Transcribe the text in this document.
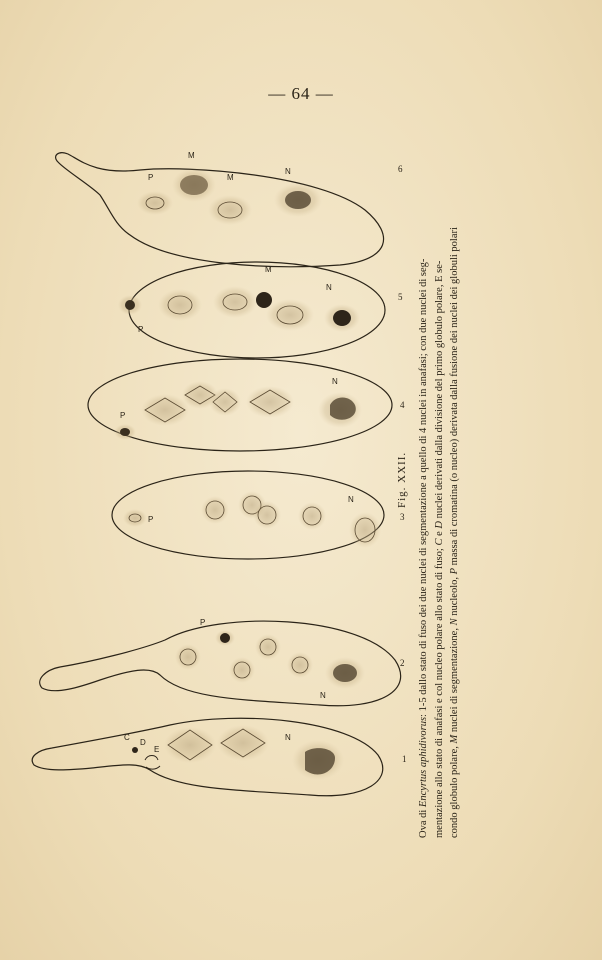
— 64 —
P
M
M
N	6
P
M
N
5
P
N
4
P
N
3
P
N
2
C
D
E
N
1
Fig. XXII.

Ova di Encyrtus aphidivorus: 1-5 dallo stato di fuso dei due nuclei di segmentazione a quello di 4 nuclei in anafasi; con due nuclei di seg- mentazione allo stato di anafasi e col nucleo polare allo stato di fuso; C e D nuclei derivati dalla divisione del primo globulo polare, E se-

condo globulo polare, M nuclei di segmentazione, N nucleolo, P massa di cromatina (o nucleo) derivata dalla fusione dei nuclei dei globuli polari
